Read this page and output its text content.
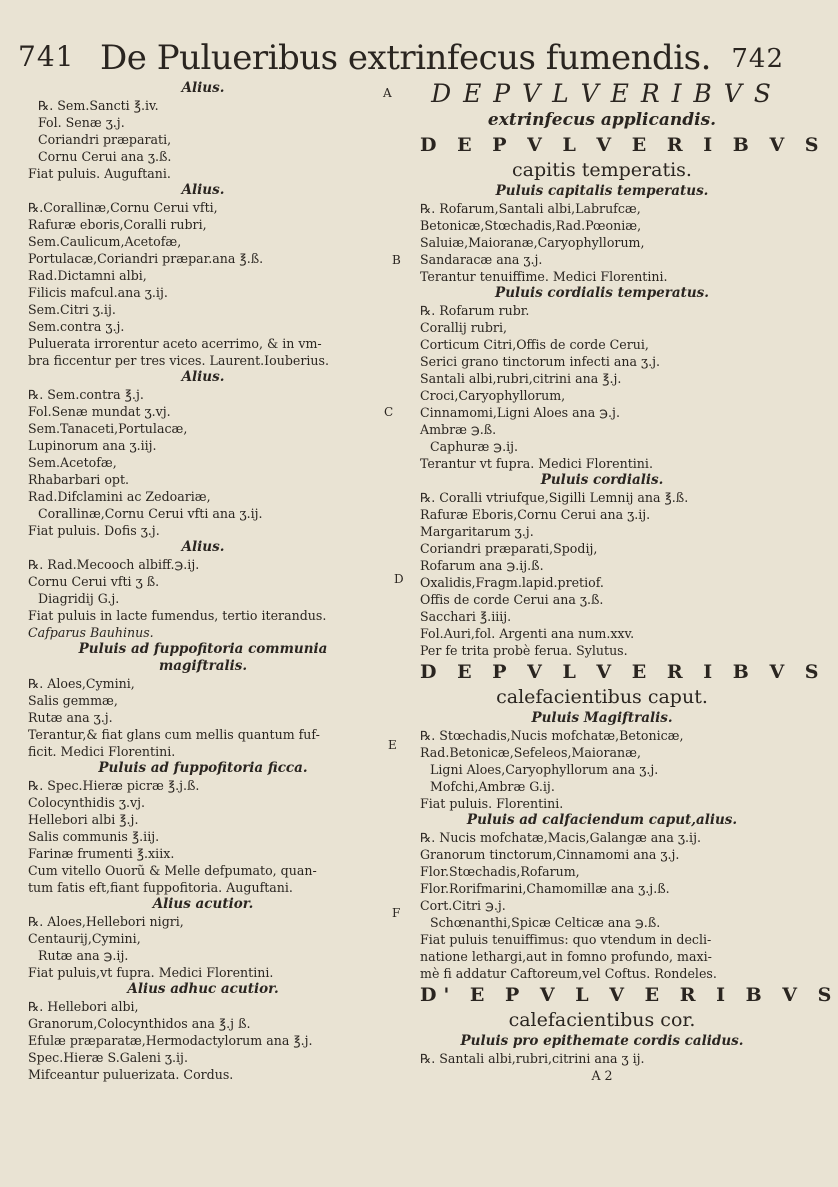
741 De Pulueribus extrinfecus fumendis. 742

Alius.

℞. Sem.Sancti ℥.iv.

Fol. Senæ ʒ.j.

Coriandri præparati,

Cornu Cerui ana ʒ.ß.

Fiat puluis. Auguftani.

Alius.

℞.Corallinæ,Cornu Cerui vfti,

Rafuræ eboris,Coralli rubri,

Sem.Caulicum,Acetofæ,

Portulacæ,Coriandri præpar.ana ℥.ß.

Rad.Dictamni albi,

Filicis mafcul.ana ʒ.ij.

Sem.Citri ʒ.ij.

Sem.contra ʒ.j.

Puluerata irrorentur aceto acerrimo, & in vm-

bra ficcentur per tres vices. Laurent.Iouberius.

Alius.

℞. Sem.contra ℥.j.

Fol.Senæ mundat ʒ.vj.

Sem.Tanaceti,Portulacæ,

Lupinorum ana ʒ.iij.

Sem.Acetofæ,

Rhabarbari opt.

Rad.Difclamini ac Zedoariæ,

Corallinæ,Cornu Cerui vfti ana ʒ.ij.

Fiat puluis. Dofis ʒ.j.

Alius.

℞. Rad.Mecooch albiff.℈.ij.

Cornu Cerui vfti ʒ ß.

Diagridij G.j.

Fiat puluis in lacte fumendus, tertio iterandus.

Cafparus Bauhinus.

Puluis ad fuppofitoria communia

magiftralis.

℞. Aloes,Cymini,

Salis gemmæ,

Rutæ ana ʒ.j.

Terantur,& fiat glans cum mellis quantum fuf-

ficit. Medici Florentini.

Puluis ad fuppofitoria ficca.

℞. Spec.Hieræ picræ ℥.j.ß.

Colocynthidis ʒ.vj.

Hellebori albi ℥.j.

Salis communis ℥.iij.

Farinæ frumenti ℥.xiix.

Cum vitello Ouorũ & Melle defpumato, quan-

tum fatis eft,fiant fuppofitoria. Auguftani.

Alius acutior.

℞. Aloes,Hellebori nigri,

Centaurij,Cymini,

Rutæ ana ℈.ij.

Fiat puluis,vt fupra. Medici Florentini.

Alius adhuc acutior.

℞. Hellebori albi,

Granorum,Colocynthidos ana ℥.j ß.

Efulæ præparatæ,Hermodactylorum ana ℥.j.

Spec.Hieræ S.Galeni ʒ.ij.

Mifceantur puluerizata. Cordus.

D E P V L V E R I B V S

extrinfecus applicandis.

D E P V L V E R I B V S

capitis temperatis.

Puluis capitalis temperatus.

℞. Rofarum,Santali albi,Labrufcæ,

Betonicæ,Stœchadis,Rad.Pœoniæ,

Saluiæ,Maioranæ,Caryophyllorum,

Sandaracæ ana ʒ.j.

Terantur tenuiffime. Medici Florentini.

Puluis cordialis temperatus.

℞. Rofarum rubr.

Corallij rubri,

Corticum Citri,Offis de corde Cerui,

Serici grano tinctorum infecti ana ʒ.j.

Santali albi,rubri,citrini ana ℥.j.

Croci,Caryophyllorum,

Cinnamomi,Ligni Aloes ana ℈.j.

Ambræ ℈.ß.

Caphuræ ℈.ij.

Terantur vt fupra. Medici Florentini.

Puluis cordialis.

℞. Coralli vtriufque,Sigilli Lemnij ana ℥.ß.

Rafuræ Eboris,Cornu Cerui ana ʒ.ij.

Margaritarum ʒ.j.

Coriandri præparati,Spodij,

Rofarum ana ℈.ij.ß.

Oxalidis,Fragm.lapid.pretiof.

Offis de corde Cerui ana ʒ.ß.

Sacchari ℥.iiij.

Fol.Auri,fol. Argenti ana num.xxv.

Per fe trita probè ferua. Sylutus.

D E P V L V E R I B V S

calefacientibus caput.

Puluis Magiftralis.

℞. Stœchadis,Nucis mofchatæ,Betonicæ,

Rad.Betonicæ,Sefeleos,Maioranæ,

Ligni Aloes,Caryophyllorum ana ʒ.j.

Mofchi,Ambræ G.ij.

Fiat puluis. Florentini.

Puluis ad calfaciendum caput,alius.

℞. Nucis mofchatæ,Macis,Galangæ ana ʒ.ij.

Granorum tinctorum,Cinnamomi ana ʒ.j.

Flor.Stœchadis,Rofarum,

Flor.Rorifmarini,Chamomillæ ana ʒ.j.ß.

Cort.Citri ℈.j.

Schœnanthi,Spicæ Celticæ ana ℈.ß.

Fiat puluis tenuiffimus: quo vtendum in decli-

natione lethargi,aut in fomno profundo, maxi-

mè fi addatur Caftoreum,vel Coftus. Rondeles.

D' E P V L V E R I B V S

calefacientibus cor.

Puluis pro epithemate cordis calidus.

℞. Santali albi,rubri,citrini ana ʒ ij.

A 2

A
B
C
D
E
F
